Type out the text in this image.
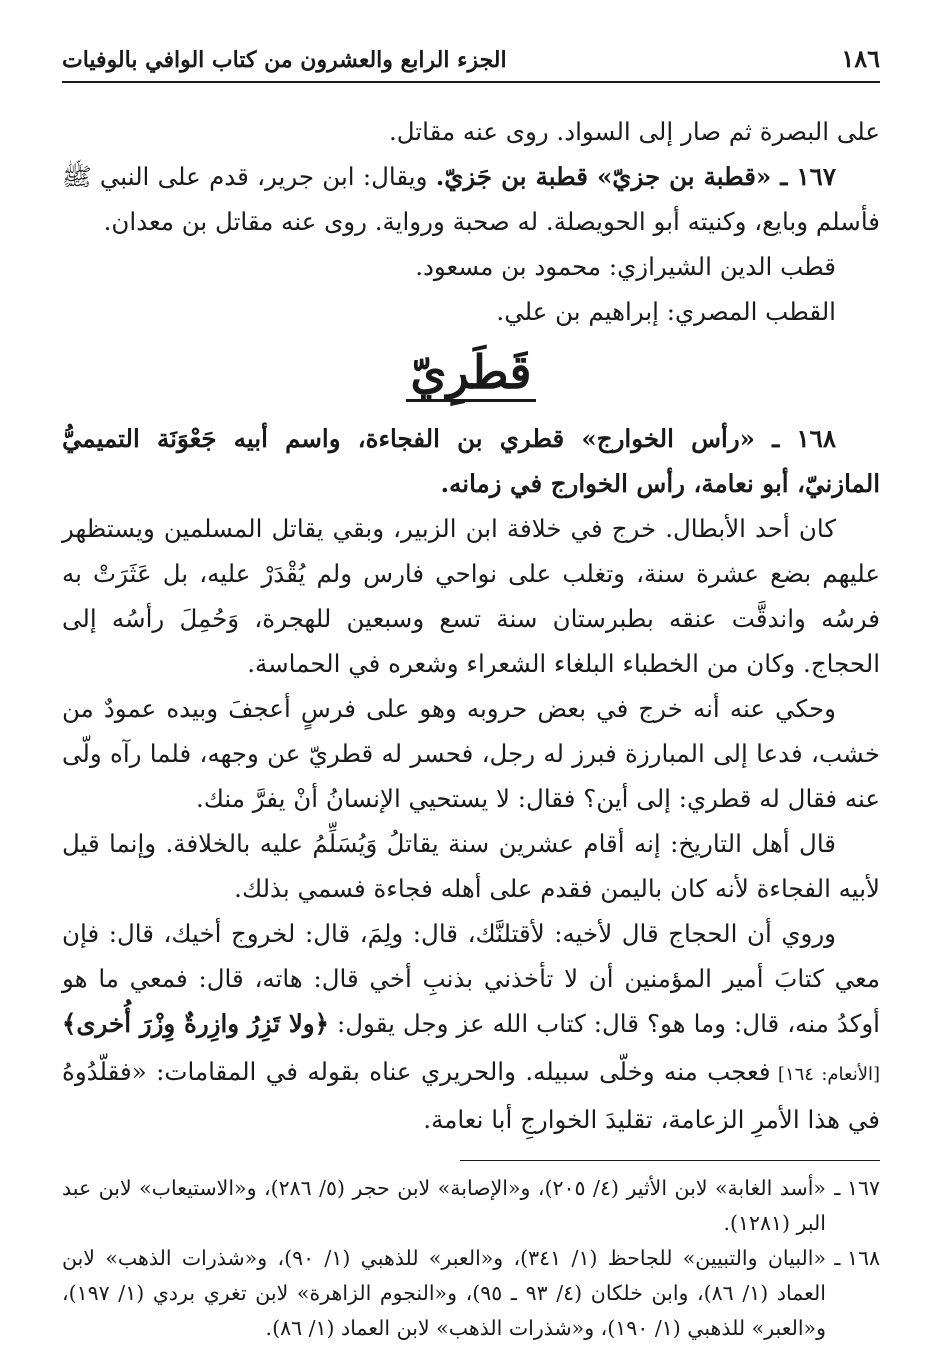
١٨٦
الجزء الرابع والعشرون من كتاب الوافي بالوفيات

على البصرة ثم صار إلى السواد. روى عنه مقاتل.

١٦٧ ـ «قطبة بن جزيّ» قطبة بن جَزيّ. ويقال: ابن جرير، قدم على النبي ﷺ فأسلم وبايع، وكنيته أبو الحويصلة. له صحبة ورواية. روى عنه مقاتل بن معدان.

قطب الدين الشيرازي: محمود بن مسعود.

القطب المصري: إبراهيم بن علي.

قَطَرِيّ

١٦٨ ـ «رأس الخوارج» قطري بن الفجاءة، واسم أبيه جَعْوَنَة التميميُّ المازنيّ، أبو نعامة، رأس الخوارج في زمانه.

كان أحد الأبطال. خرج في خلافة ابن الزبير، وبقي يقاتل المسلمين ويستظهر عليهم بضع عشرة سنة، وتغلب على نواحي فارس ولم يُقْدَرْ عليه، بل عَثَرَتْ به فرسُه واندقَّت عنقه بطبرستان سنة تسع وسبعين للهجرة، وَحُمِلَ رأسُه إلى الحجاج. وكان من الخطباء البلغاء الشعراء وشعره في الحماسة.

وحكي عنه أنه خرج في بعض حروبه وهو على فرسٍ أعجفَ وبيده عمودٌ من خشب، فدعا إلى المبارزة فبرز له رجل، فحسر له قطريّ عن وجهه، فلما رآه ولّى عنه فقال له قطري: إلى أين؟ فقال: لا يستحيي الإنسانُ أنْ يفرَّ منك.

قال أهل التاريخ: إنه أقام عشرين سنة يقاتلُ وَيُسَلِّمُ عليه بالخلافة. وإنما قيل لأبيه الفجاءة لأنه كان باليمن فقدم على أهله فجاءة فسمي بذلك.

وروي أن الحجاج قال لأخيه: لأقتلنَّك، قال: ولِمَ، قال: لخروج أخيك، قال: فإن معي كتابَ أمير المؤمنين أن لا تأخذني بذنبِ أخي قال: هاته، قال: فمعي ما هو أوكدُ منه، قال: وما هو؟ قال: كتاب الله عز وجل يقول: ﴿ولا تَزِرُ وازِرةٌ وِزْرَ أُخرى﴾ [الأنعام: ١٦٤] فعجب منه وخلّى سبيله. والحريري عناه بقوله في المقامات: «فقلّدُوهُ في هذا الأمرِ الزعامة، تقليدَ الخوارجِ أبا نعامة.

١٦٧ ـ
«أسد الغابة» لابن الأثير (٤/ ٢٠٥)، و«الإصابة» لابن حجر (٥/ ٢٨٦)، و«الاستيعاب» لابن عبد البر (١٢٨١).
١٦٨ ـ
«البيان والتبيين» للجاحظ (١/ ٣٤١)، و«العبر» للذهبي (١/ ٩٠)، و«شذرات الذهب» لابن العماد (١/ ٨٦)، وابن خلكان (٤/ ٩٣ ـ ٩٥)، و«النجوم الزاهرة» لابن تغري بردي (١/ ١٩٧)، و«العبر» للذهبي (١/ ١٩٠)، و«شذرات الذهب» لابن العماد (١/ ٨٦).
